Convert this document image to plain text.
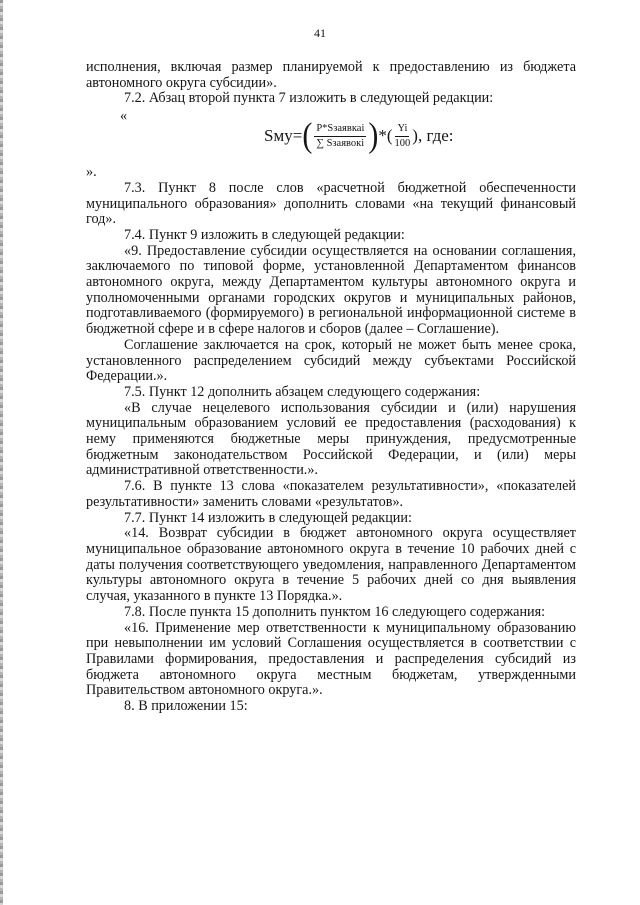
41

исполнения, включая размер планируемой к предоставлению из бюджета автономного округа субсидии».

7.2. Абзац второй пункта 7 изложить в следующей редакции:

«
Sму= ( $\frac{\text{P*Sзаявкаі}}{\text{∑ Sзаявокі}}$ ) *( $\frac{Yi}{100}$ ), где:

».

7.3. Пункт 8 после слов «расчетной бюджетной обеспеченности муниципального образования» дополнить словами «на текущий финансовый год».

7.4. Пункт 9 изложить в следующей редакции:

«9. Предоставление субсидии осуществляется на основании соглашения, заключаемого по типовой форме, установленной Департаментом финансов автономного округа, между Департаментом культуры автономного округа и уполномоченными органами городских округов и муниципальных районов, подготавливаемого (формируемого) в региональной информационной системе в бюджетной сфере и в сфере налогов и сборов (далее – Соглашение).

Соглашение заключается на срок, который не может быть менее срока, установленного распределением субсидий между субъектами Российской Федерации.».

7.5. Пункт 12 дополнить абзацем следующего содержания:

«В случае нецелевого использования субсидии и (или) нарушения муниципальным образованием условий ее предоставления (расходования) к нему применяются бюджетные меры принуждения, предусмотренные бюджетным законодательством Российской Федерации, и (или) меры административной ответственности.».

7.6. В пункте 13 слова «показателем результативности», «показателей результативности» заменить словами «результатов».

7.7. Пункт 14 изложить в следующей редакции:

«14. Возврат субсидии в бюджет автономного округа осуществляет муниципальное образование автономного округа в течение 10 рабочих дней с даты получения соответствующего уведомления, направленного Департаментом культуры автономного округа в течение 5 рабочих дней со дня выявления случая, указанного в пункте 13 Порядка.».

7.8. После пункта 15 дополнить пунктом 16 следующего содержания:

«16. Применение мер ответственности к муниципальному образованию при невыполнении им условий Соглашения осуществляется в соответствии с Правилами формирования, предоставления и распределения субсидий из бюджета автономного округа местным бюджетам, утвержденными Правительством автономного округа.».

8. В приложении 15:
